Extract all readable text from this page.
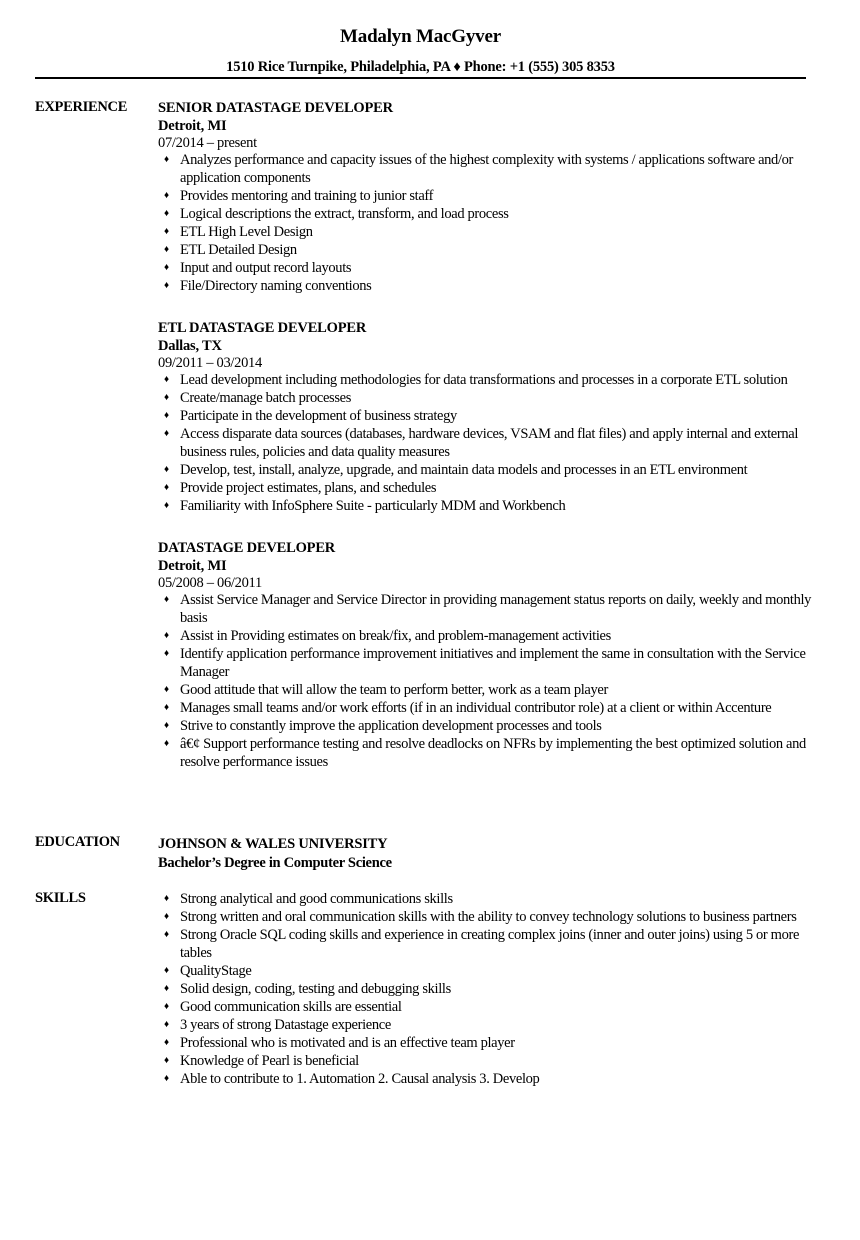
Madalyn MacGyver
1510 Rice Turnpike, Philadelphia, PA ♦ Phone: +1 (555) 305 8353
EXPERIENCE SENIOR DATASTAGE DEVELOPER
Detroit, MI
07/2014 – present
♦ Analyzes performance and capacity issues of the highest complexity with systems / applications software and/or application components
♦ Provides mentoring and training to junior staff
♦ Logical descriptions the extract, transform, and load process
♦ ETL High Level Design
♦ ETL Detailed Design
♦ Input and output record layouts
♦ File/Directory naming conventions
ETL DATASTAGE DEVELOPER
Dallas, TX
09/2011 – 03/2014
♦ Lead development including methodologies for data transformations and processes in a corporate ETL solution
♦ Create/manage batch processes
♦ Participate in the development of business strategy
♦ Access disparate data sources (databases, hardware devices, VSAM and flat files) and apply internal and external business rules, policies and data quality measures
♦ Develop, test, install, analyze, upgrade, and maintain data models and processes in an ETL environment
♦ Provide project estimates, plans, and schedules
♦ Familiarity with InfoSphere Suite - particularly MDM and Workbench
DATASTAGE DEVELOPER
Detroit, MI
05/2008 – 06/2011
♦ Assist Service Manager and Service Director in providing management status reports on daily, weekly and monthly basis
♦ Assist in Providing estimates on break/fix, and problem-management activities
♦ Identify application performance improvement initiatives and implement the same in consultation with the Service Manager
♦ Good attitude that will allow the team to perform better, work as a team player
♦ Manages small teams and/or work efforts (if in an individual contributor role) at a client or within Accenture
♦ Strive to constantly improve the application development processes and tools
♦ â€¢ Support performance testing and resolve deadlocks on NFRs by implementing the best optimized solution and resolve performance issues
EDUCATION	JOHNSON & WALES UNIVERSITY
Bachelor’s Degree in Computer Science
SKILLS	♦ Strong analytical and good communications skills
♦ Strong written and oral communication skills with the ability to convey technology solutions to business partners
♦ Strong Oracle SQL coding skills and experience in creating complex joins (inner and outer joins) using 5 or more tables
♦ QualityStage
♦ Solid design, coding, testing and debugging skills
♦ Good communication skills are essential
♦ 3 years of strong Datastage experience
♦ Professional who is motivated and is an effective team player
♦ Knowledge of Pearl is beneficial
♦ Able to contribute to 1. Automation 2. Causal analysis 3. Develop
